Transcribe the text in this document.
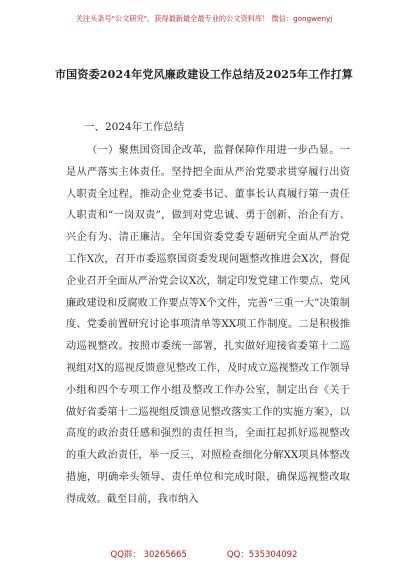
关注头条号"公文研究"，获得最新最全最专业的公文资料库！ 微信：gongwenyj
市国资委2024年党风廉政建设工作总结及2025年工作打算
一、2024年工作总结

（一）聚焦国资国企改革，监督保障作用进一步凸显。一是从严落实主体责任。坚持把全面从严治党要求贯穿履行出资人职责全过程，推动企业党委书记、董事长认真履行第一责任人职责和“一岗双责”，做到对党忠诚、勇于创新、治企有方、兴企有为、清正廉洁。全年国资委党委专题研究全面从严治党工作X次，召开市委巡察国资委发现问题整改推进会X次，督促企业召开全面从严治党会议X次，制定印发党建工作要点、党风廉政建设和反腐败工作要点等X个文件，完善“三重一大”决策制度、党委前置研究讨论事项清单等XX项工作制度。二是积极推动巡视整改。按照市委统一部署，扎实做好迎接省委第十二巡视组对X的巡视反馈意见整改工作，及时成立巡视整改工作领导小组和四个专项工作小组及整改工作办公室，制定出台《关于做好省委第十二巡视组反馈意见整改落实工作的实施方案》，以高度的政治责任感和强烈的责任担当，全面扛起抓好巡视整改的重大政治责任，举一反三，对照检查细化分解XX项具体整改措施，明确牵头领导、责任单位和完成时限，确保巡视整改取得成效。截至目前，我市纳入

QQ群： 30265665	QQ：535304092
